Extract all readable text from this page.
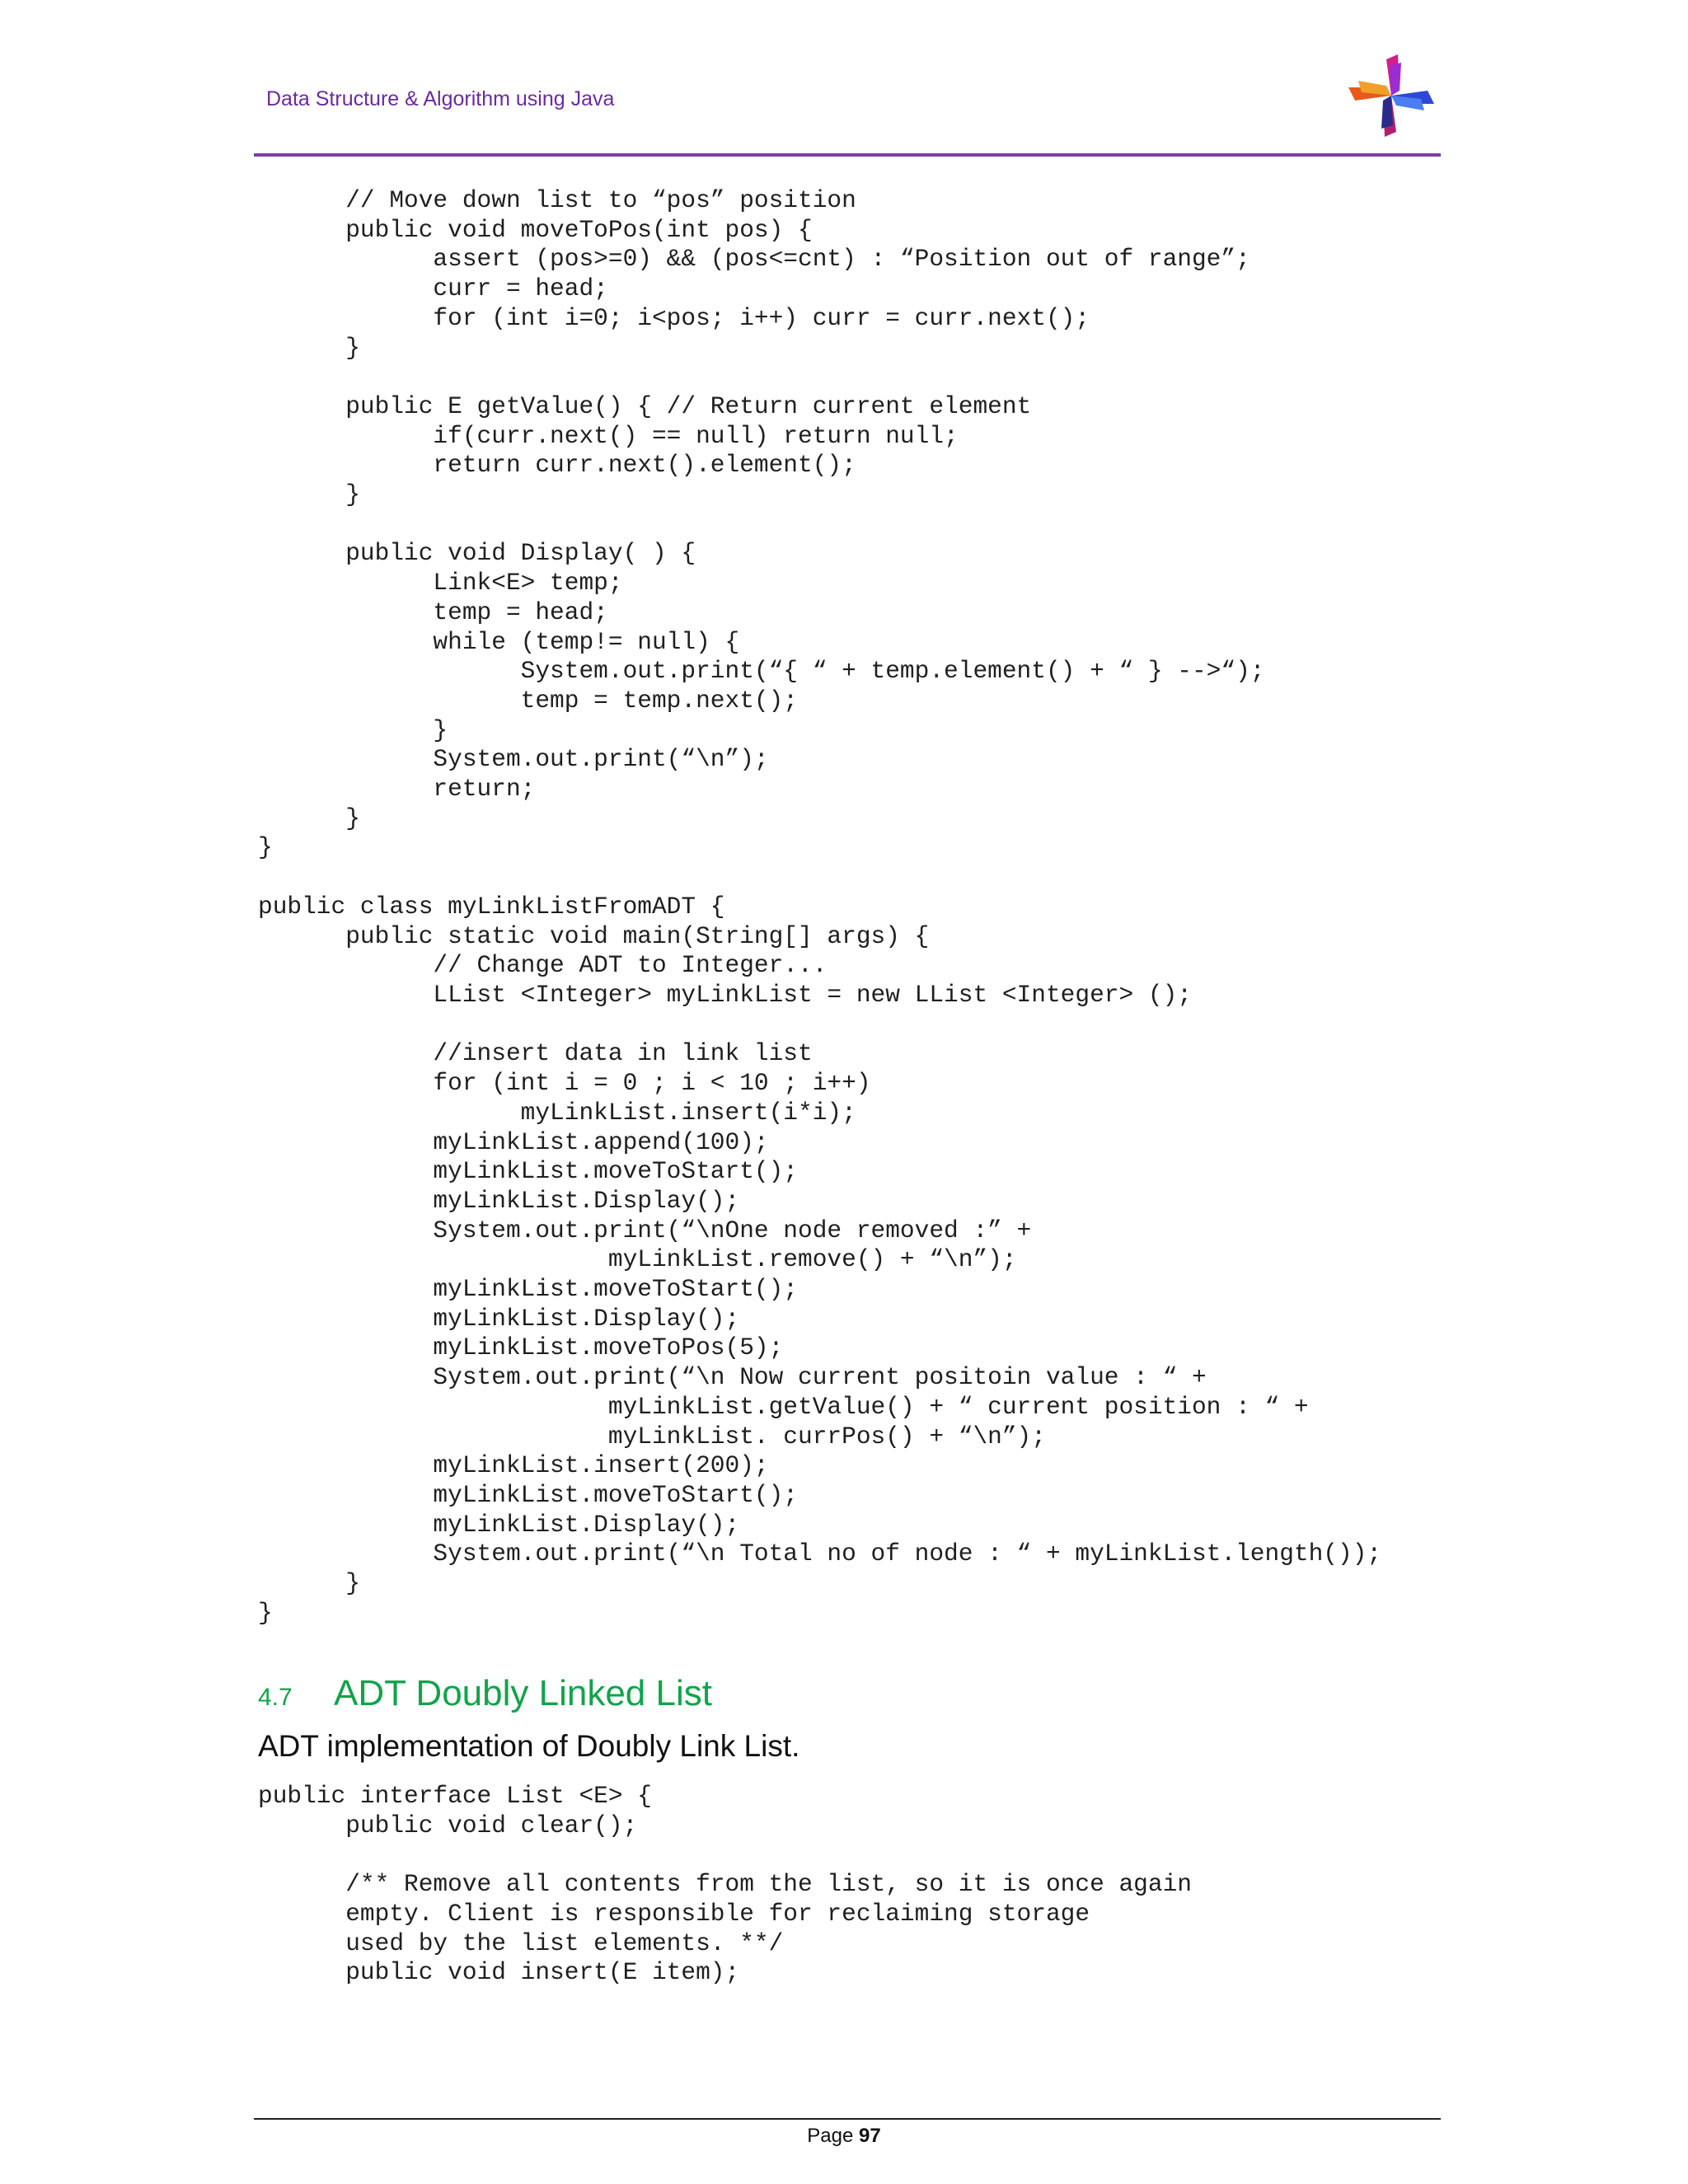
Data Structure & Algorithm using Java
// Move down list to “pos” position
public void moveToPos(int pos) {
assert (pos>=0) && (pos<=cnt) : “Position out of range”;
curr = head;
for (int i=0; i<pos; i++) curr = curr.next();
}

public E getValue() { // Return current element
if(curr.next() == null) return null;
return curr.next().element();
}

public void Display( ) {
Link<E> temp;
temp = head;
while (temp!= null) {
System.out.print(“{ “ + temp.element() + “ } -->“);
temp = temp.next();
}
System.out.print(“\n”);
return;
}
}

public class myLinkListFromADT {
public static void main(String[] args) {
// Change ADT to Integer...
LList <Integer> myLinkList = new LList <Integer> ();

//insert data in link list
for (int i = 0 ; i < 10 ; i++)
myLinkList.insert(i*i);
myLinkList.append(100);
myLinkList.moveToStart();
myLinkList.Display();
System.out.print(“\nOne node removed :” +
myLinkList.remove() + “\n”);
myLinkList.moveToStart();
myLinkList.Display();
myLinkList.moveToPos(5);
System.out.print(“\n Now current positoin value : “ +
myLinkList.getValue() + “ current position : “ +
myLinkList. currPos() + “\n”);
myLinkList.insert(200);
myLinkList.moveToStart();
myLinkList.Display();
System.out.print(“\n Total no of node : “ + myLinkList.length());
}
}
4.7 ADT Doubly Linked List
ADT implementation of Doubly Link List.
public interface List <E> {
public void clear();

/** Remove all contents from the list, so it is once again
empty. Client is responsible for reclaiming storage
used by the list elements. **/
public void insert(E item);
Page 97
